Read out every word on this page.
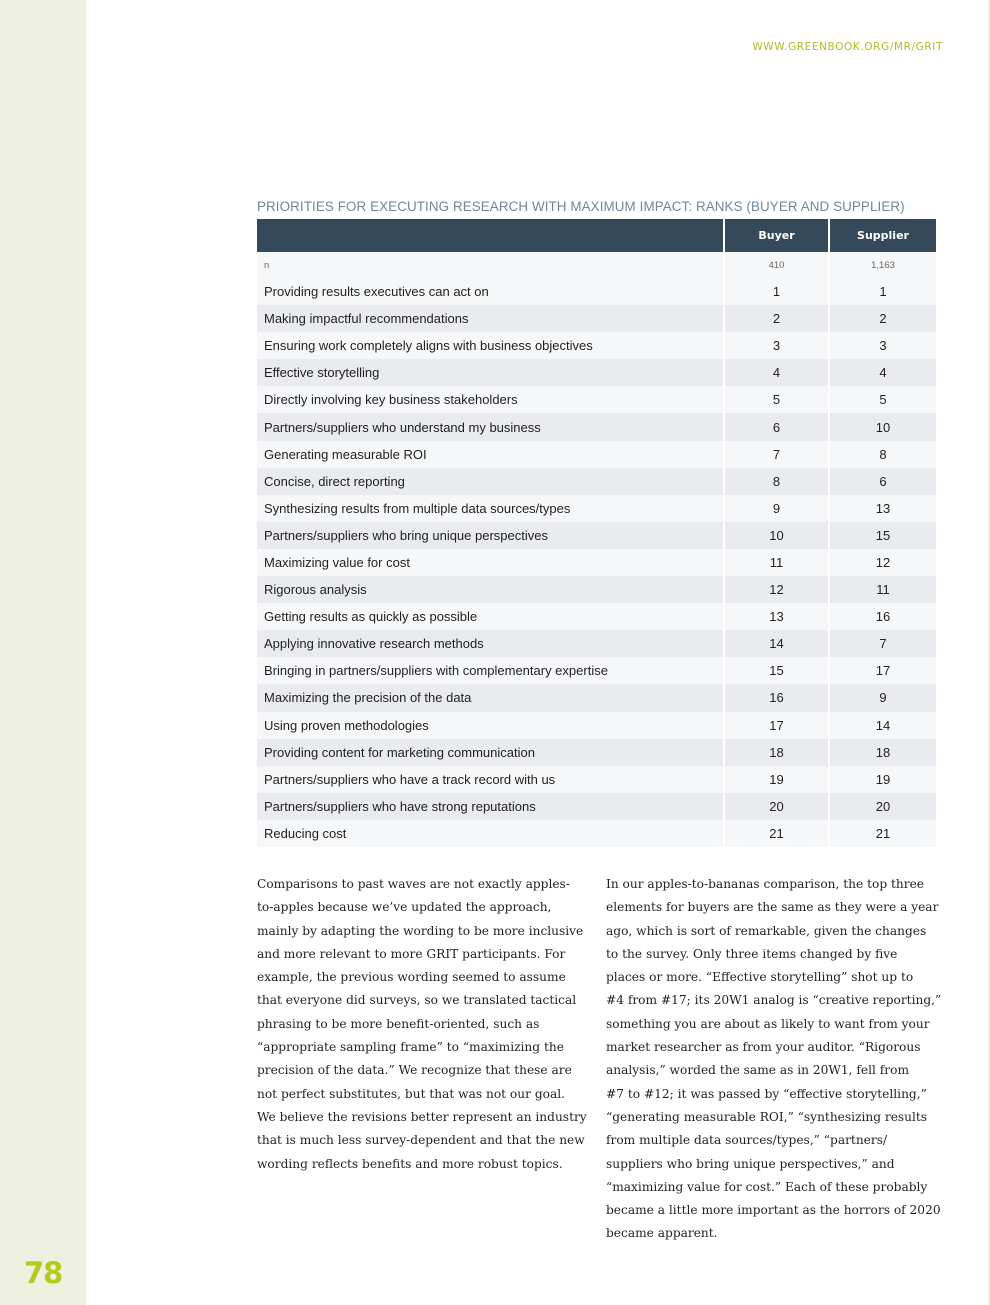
78
WWW.GREENBOOK.ORG/MR/GRIT
PRIORITIES FOR EXECUTING RESEARCH WITH MAXIMUM IMPACT: RANKS (BUYER AND SUPPLIER)
	Buyer	Supplier
n	410	1,163
Providing results executives can act on	1	1
Making impactful recommendations	2	2
Ensuring work completely aligns with business objectives	3	3
Effective storytelling	4	4
Directly involving key business stakeholders	5	5
Partners/suppliers who understand my business	6	10
Generating measurable ROI	7	8
Concise, direct reporting	8	6
Synthesizing results from multiple data sources/types	9	13
Partners/suppliers who bring unique perspectives	10	15
Maximizing value for cost	11	12
Rigorous analysis	12	11
Getting results as quickly as possible	13	16
Applying innovative research methods	14	7
Bringing in partners/suppliers with complementary expertise	15	17
Maximizing the precision of the data	16	9
Using proven methodologies	17	14
Providing content for marketing communication	18	18
Partners/suppliers who have a track record with us	19	19
Partners/suppliers who have strong reputations	20	20
Reducing cost	21	21

Comparisons to past waves are not exactly apples-

to-apples because we’ve updated the approach,

mainly by adapting the wording to be more inclusive

and more relevant to more GRIT participants. For

example, the previous wording seemed to assume

that everyone did surveys, so we translated tactical

phrasing to be more benefit-oriented, such as

“appropriate sampling frame” to “maximizing the

precision of the data.” We recognize that these are

not perfect substitutes, but that was not our goal.

We believe the revisions better represent an industry

that is much less survey-dependent and that the new

wording reflects benefits and more robust topics.

In our apples-to-bananas comparison, the top three

elements for buyers are the same as they were a year

ago, which is sort of remarkable, given the changes

to the survey. Only three items changed by five

places or more. “Effective storytelling” shot up to

#4 from #17; its 20W1 analog is “creative reporting,”

something you are about as likely to want from your

market researcher as from your auditor. “Rigorous

analysis,” worded the same as in 20W1, fell from

#7 to #12; it was passed by “effective storytelling,”

“generating measurable ROI,” “synthesizing results

from multiple data sources/types,” “partners/

suppliers who bring unique perspectives,” and

“maximizing value for cost.” Each of these probably

became a little more important as the horrors of 2020

became apparent.
